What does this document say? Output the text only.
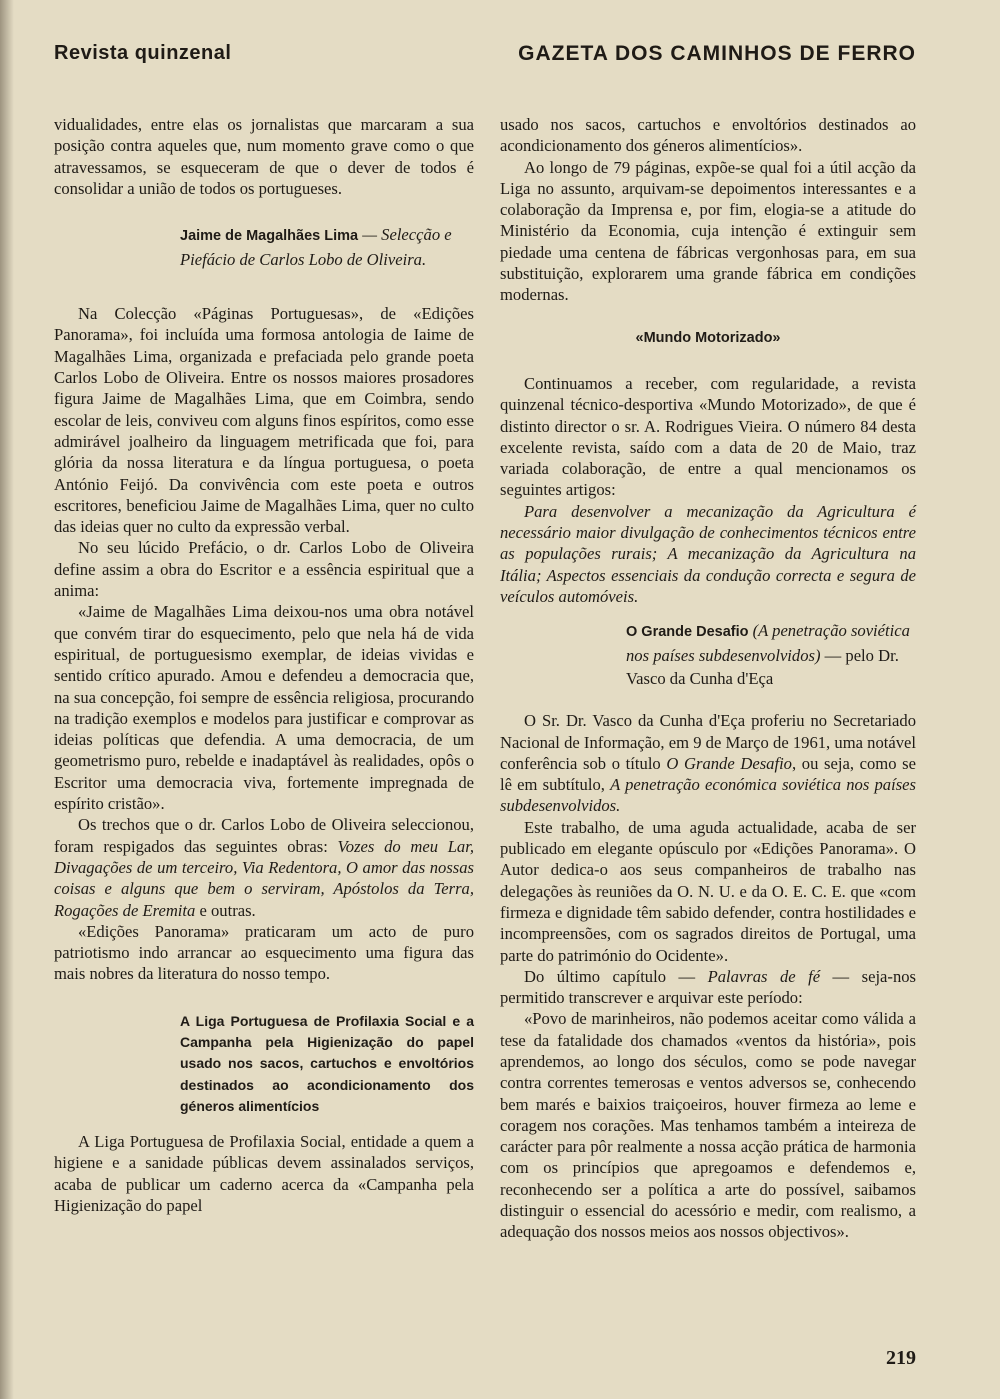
Revista quinzenal	GAZETA DOS CAMINHOS DE FERRO

vidualidades, entre elas os jornalistas que marcaram a sua posição contra aqueles que, num momento grave como o que atravessamos, se esqueceram de que o dever de todos é consolidar a união de todos os portugueses.

Jaime de Magalhães Lima — Selecção e Piefácio de Carlos Lobo de Oliveira.

Na Colecção «Páginas Portuguesas», de «Edições Panorama», foi incluída uma formosa antologia de Iaime de Magalhães Lima, organizada e prefaciada pelo grande poeta Carlos Lobo de Oliveira. Entre os nossos maiores prosadores figura Jaime de Magalhães Lima, que em Coimbra, sendo escolar de leis, conviveu com alguns finos espíritos, como esse admirável joalheiro da linguagem metrificada que foi, para glória da nossa literatura e da língua portuguesa, o poeta António Feijó. Da convivência com este poeta e outros escritores, beneficiou Jaime de Magalhães Lima, quer no culto das ideias quer no culto da expressão verbal.

No seu lúcido Prefácio, o dr. Carlos Lobo de Oliveira define assim a obra do Escritor e a essência espiritual que a anima:

«Jaime de Magalhães Lima deixou-nos uma obra notável que convém tirar do esquecimento, pelo que nela há de vida espiritual, de portuguesismo exemplar, de ideias vividas e sentido crítico apurado. Amou e defendeu a democracia que, na sua concepção, foi sempre de essência religiosa, procurando na tradição exemplos e modelos para justificar e comprovar as ideias políticas que defendia. A uma democracia, de um geometrismo puro, rebelde e inadaptável às realidades, opôs o Escritor uma democracia viva, fortemente impregnada de espírito cristão».

Os trechos que o dr. Carlos Lobo de Oliveira seleccionou, foram respigados das seguintes obras: Vozes do meu Lar, Divagações de um terceiro, Via Redentora, O amor das nossas coisas e alguns que bem o serviram, Apóstolos da Terra, Rogações de Eremita e outras.

«Edições Panorama» praticaram um acto de puro patriotismo indo arrancar ao esquecimento uma figura das mais nobres da literatura do nosso tempo.

A Liga Portuguesa de Profilaxia Social e a Campanha pela Higienização do papel usado nos sacos, cartuchos e envoltórios destinados ao acondicionamento dos géneros alimentícios

A Liga Portuguesa de Profilaxia Social, entidade a quem a higiene e a sanidade públicas devem assinalados serviços, acaba de publicar um caderno acerca da «Campanha pela Higienização do papel

usado nos sacos, cartuchos e envoltórios destinados ao acondicionamento dos géneros alimentícios».

Ao longo de 79 páginas, expõe-se qual foi a útil acção da Liga no assunto, arquivam-se depoimentos interessantes e a colaboração da Imprensa e, por fim, elogia-se a atitude do Ministério da Economia, cuja intenção é extinguir sem piedade uma centena de fábricas vergonhosas para, em sua substituição, explorarem uma grande fábrica em condições modernas.

«Mundo Motorizado»

Continuamos a receber, com regularidade, a revista quinzenal técnico-desportiva «Mundo Motorizado», de que é distinto director o sr. A. Rodrigues Vieira. O número 84 desta excelente revista, saído com a data de 20 de Maio, traz variada colaboração, de entre a qual mencionamos os seguintes artigos:

Para desenvolver a mecanização da Agricultura é necessário maior divulgação de conhecimentos técnicos entre as populações rurais; A mecanização da Agricultura na Itália; Aspectos essenciais da condução correcta e segura de veículos automóveis.

O Grande Desafio (A penetração soviética nos países subdesenvolvidos) — pelo Dr. Vasco da Cunha d'Eça

O Sr. Dr. Vasco da Cunha d'Eça proferiu no Secretariado Nacional de Informação, em 9 de Março de 1961, uma notável conferência sob o título O Grande Desafio, ou seja, como se lê em subtítulo, A penetração económica soviética nos países subdesenvolvidos.

Este trabalho, de uma aguda actualidade, acaba de ser publicado em elegante opúsculo por «Edições Panorama». O Autor dedica-o aos seus companheiros de trabalho nas delegações às reuniões da O. N. U. e da O. E. C. E. que «com firmeza e dignidade têm sabido defender, contra hostilidades e incompreensões, com os sagrados direitos de Portugal, uma parte do património do Ocidente».

Do último capítulo — Palavras de fé — seja-nos permitido transcrever e arquivar este período:

«Povo de marinheiros, não podemos aceitar como válida a tese da fatalidade dos chamados «ventos da história», pois aprendemos, ao longo dos séculos, como se pode navegar contra correntes temerosas e ventos adversos se, conhecendo bem marés e baixios traiçoeiros, houver firmeza ao leme e coragem nos corações. Mas tenhamos também a inteireza de carácter para pôr realmente a nossa acção prática de harmonia com os princípios que apregoamos e defendemos e, reconhecendo ser a política a arte do possível, saibamos distinguir o essencial do acessório e medir, com realismo, a adequação dos nossos meios aos nossos objectivos».

219
